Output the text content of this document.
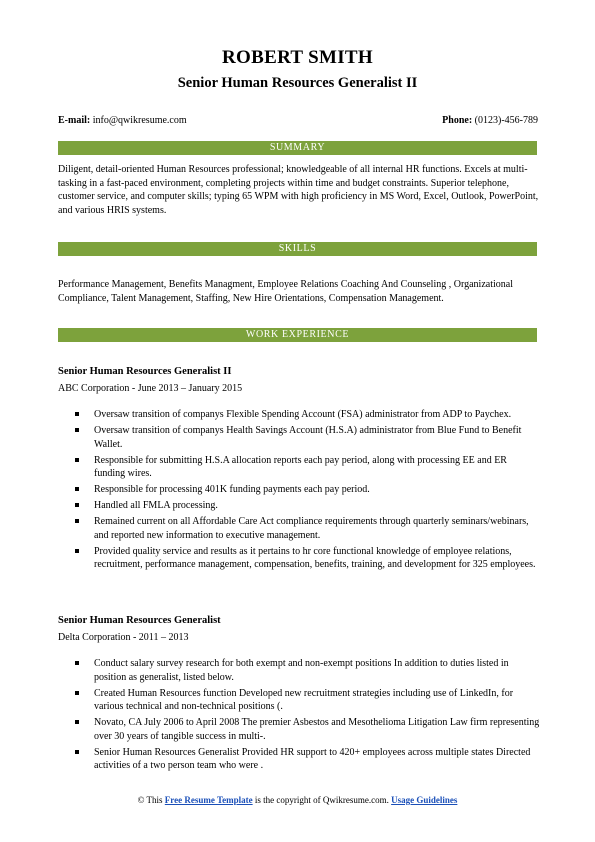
ROBERT SMITH
Senior Human Resources Generalist II
E-mail: info@qwikresume.com	Phone: (0123)-456-789
SUMMARY
Diligent, detail-oriented Human Resources professional; knowledgeable of all internal HR functions. Excels at multi-tasking in a fast-paced environment, completing projects within time and budget constraints. Superior telephone, customer service, and computer skills; typing 65 WPM with high proficiency in MS Word, Excel, Outlook, PowerPoint, and various HRIS systems.
SKILLS
Performance Management, Benefits Managment, Employee Relations Coaching And Counseling , Organizational Compliance, Talent Management, Staffing, New Hire Orientations, Compensation Management.
WORK EXPERIENCE
Senior Human Resources Generalist II
ABC Corporation - June 2013 – January 2015
Oversaw transition of companys Flexible Spending Account (FSA) administrator from ADP to Paychex.
Oversaw transition of companys Health Savings Account (H.S.A) administrator from Blue Fund to Benefit Wallet.
Responsible for submitting H.S.A allocation reports each pay period, along with processing EE and ER funding wires.
Responsible for processing 401K funding payments each pay period.
Handled all FMLA processing.
Remained current on all Affordable Care Act compliance requirements through quarterly seminars/webinars, and reported new information to executive management.
Provided quality service and results as it pertains to hr core functional knowledge of employee relations, recruitment, performance management, compensation, benefits, training, and development for 325 employees.
Senior Human Resources Generalist
Delta Corporation - 2011 – 2013
Conduct salary survey research for both exempt and non-exempt positions In addition to duties listed in position as generalist, listed below.
Created Human Resources function Developed new recruitment strategies including use of LinkedIn, for various technical and non-technical positions (.
Novato, CA July 2006 to April 2008 The premier Asbestos and Mesothelioma Litigation Law firm representing over 30 years of tangible success in multi-.
Senior Human Resources Generalist Provided HR support to 420+ employees across multiple states Directed activities of a two person team who were .
© This Free Resume Template is the copyright of Qwikresume.com. Usage Guidelines
